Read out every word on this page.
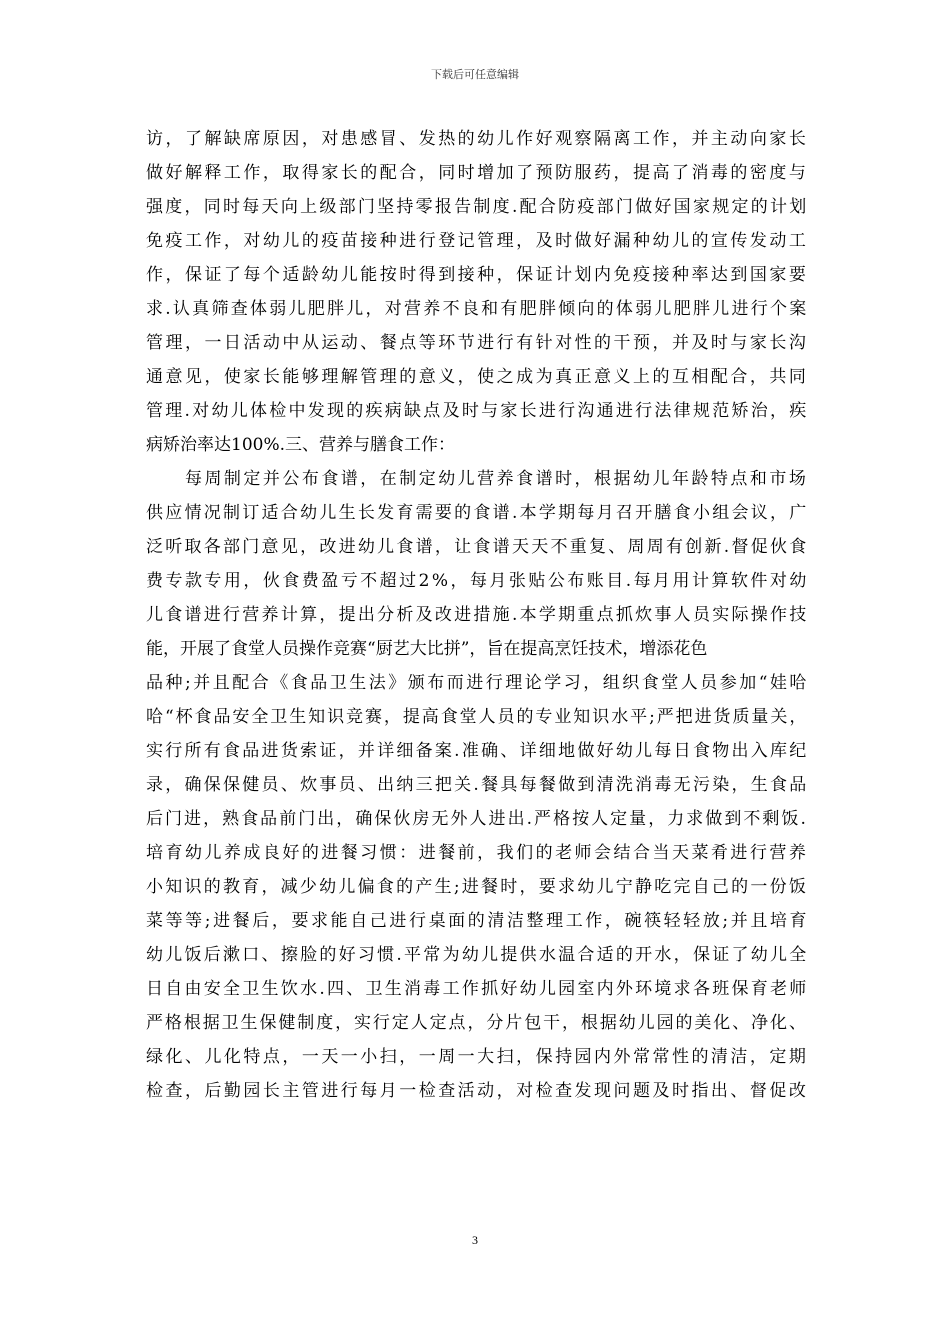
下载后可任意编辑
访，了解缺席原因，对患感冒、发热的幼儿作好观察隔离工作，并主动向家长
做好解释工作，取得家长的配合，同时增加了预防服药，提高了消毒的密度与
强度，同时每天向上级部门坚持零报告制度.配合防疫部门做好国家规定的计划
免疫工作，对幼儿的疫苗接种进行登记管理，及时做好漏种幼儿的宣传发动工
作，保证了每个适龄幼儿能按时得到接种，保证计划内免疫接种率达到国家要
求.认真筛查体弱儿肥胖儿，对营养不良和有肥胖倾向的体弱儿肥胖儿进行个案
管理，一日活动中从运动、餐点等环节进行有针对性的干预，并及时与家长沟
通意见，使家长能够理解管理的意义，使之成为真正意义上的互相配合，共同
管理.对幼儿体检中发现的疾病缺点及时与家长进行沟通进行法律规范矫治，疾
病矫治率达100%.三、营养与膳食工作：
　　每周制定并公布食谱，在制定幼儿营养食谱时，根据幼儿年龄特点和市场
供应情况制订适合幼儿生长发育需要的食谱.本学期每月召开膳食小组会议，广
泛听取各部门意见，改进幼儿食谱，让食谱天天不重复、周周有创新.督促伙食
费专款专用，伙食费盈亏不超过2%，每月张贴公布账目.每月用计算软件对幼
儿食谱进行营养计算，提出分析及改进措施.本学期重点抓炊事人员实际操作技
能，开展了食堂人员操作竞赛“厨艺大比拼”，旨在提高烹饪技术，增添花色
品种;并且配合《食品卫生法》颁布而进行理论学习，组织食堂人员参加“娃哈
哈“杯食品安全卫生知识竞赛，提高食堂人员的专业知识水平;严把进货质量关，
实行所有食品进货索证，并详细备案.准确、详细地做好幼儿每日食物出入库纪
录，确保保健员、炊事员、出纳三把关.餐具每餐做到清洗消毒无污染，生食品
后门进，熟食品前门出，确保伙房无外人进出.严格按人定量，力求做到不剩饭.
培育幼儿养成良好的进餐习惯：进餐前，我们的老师会结合当天菜肴进行营养
小知识的教育，减少幼儿偏食的产生;进餐时，要求幼儿宁静吃完自己的一份饭
菜等等;进餐后，要求能自己进行桌面的清洁整理工作，碗筷轻轻放;并且培育
幼儿饭后漱口、擦脸的好习惯.平常为幼儿提供水温合适的开水，保证了幼儿全
日自由安全卫生饮水.四、卫生消毒工作抓好幼儿园室内外环境求各班保育老师
严格根据卫生保健制度，实行定人定点，分片包干，根据幼儿园的美化、净化、
绿化、儿化特点，一天一小扫，一周一大扫，保持园内外常常性的清洁，定期
检查，后勤园长主管进行每月一检查活动，对检查发现问题及时指出、督促改
3
